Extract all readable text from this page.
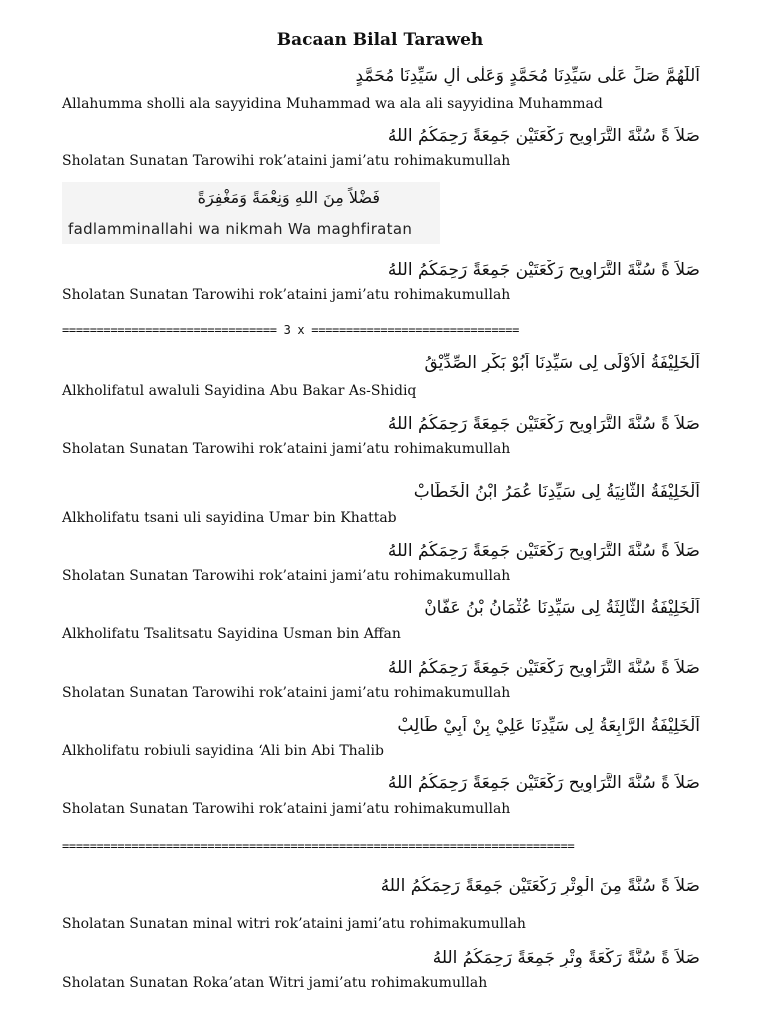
Bacaan Bilal Taraweh
اَللّٰهُمَّ صَلِّ عَلٰى سَيِّدِنَا مُحَمَّدٍ وَعَلٰى اٰلِ سَيِّدِنَا مُحَمَّدٍ
Allahumma sholli ala sayyidina Muhammad wa ala ali sayyidina Muhammad
صَلاَ ةً سُنَّةَ التَّرَاوِيحِ رَكْعَتَيْنِ جَمِعَةً رَحِمَكُمُ اللهُ
Sholatan Sunatan Tarowihi rok’ataini jami’atu rohimakumullah
فَضْلاً مِنَ اللهِ وَنِعْمَةً وَمَغْفِرَةً
fadlamminallahi wa nikmah Wa maghfiratan
صَلاَ ةً سُنَّةَ التَّرَاوِيحِ رَكْعَتَيْنِ جَمِعَةً رَحِمَكُمُ اللهُ
Sholatan Sunatan Tarowihi rok’ataini jami’atu rohimakumullah
=============================== 3 x ==============================
اَلْخَلِيْفَةُ اْلاُوْلَى لِى سَيِّدِنَا اَبُوْ بَكْرِ الصِّدِّيْقُ
Alkholifatul awaluli Sayidina Abu Bakar As-Shidiq
صَلاَ ةً سُنَّةَ التَّرَاوِيحِ رَكْعَتَيْنِ جَمِعَةً رَحِمَكُمُ اللهُ
Sholatan Sunatan Tarowihi rok’ataini jami’atu rohimakumullah
اَلْخَلِيْفَةُ الثَّانِيَةُ لِى سَيِّدِنَا عُمَرُ ابْنُ الْخَطَّابْ
Alkholifatu tsani uli sayidina Umar bin Khattab
صَلاَ ةً سُنَّةَ التَّرَاوِيحِ رَكْعَتَيْنِ جَمِعَةً رَحِمَكُمُ اللهُ
Sholatan Sunatan Tarowihi rok’ataini jami’atu rohimakumullah
اَلْخَلِيْفَةُ الثَّالِثَةُ لِى سَيِّدِنَا عُثْمَانُ بْنُ عَفَّانْ
Alkholifatu Tsalitsatu Sayidina Usman bin Affan
صَلاَ ةً سُنَّةَ التَّرَاوِيحِ رَكْعَتَيْنِ جَمِعَةً رَحِمَكُمُ اللهُ
Sholatan Sunatan Tarowihi rok’ataini jami’atu rohimakumullah
اَلْخَلِيْفَةُ الرَّابِعَةُ لِى سَيِّدِنَا عَلِيْ بِنْ اَبِيْ طَالِبْ
Alkholifatu robiuli sayidina ‘Ali bin Abi Thalib
صَلاَ ةً سُنَّةَ التَّرَاوِيحِ رَكْعَتَيْنِ جَمِعَةً رَحِمَكُمُ اللهُ
Sholatan Sunatan Tarowihi rok’ataini jami’atu rohimakumullah
==========================================================================
صَلاَ ةً سُنَّةً مِنَ الْوِتْرِ رَكْعَتَيْنِ جَمِعَةً رَحِمَكُمُ اللهُ
Sholatan Sunatan minal witri rok’ataini jami’atu rohimakumullah
صَلاَ ةً سُنَّةً رَكْعَةً وِتْرِ جَمِعَةً رَحِمَكُمُ اللهُ
Sholatan Sunatan Roka’atan Witri jami’atu rohimakumullah
